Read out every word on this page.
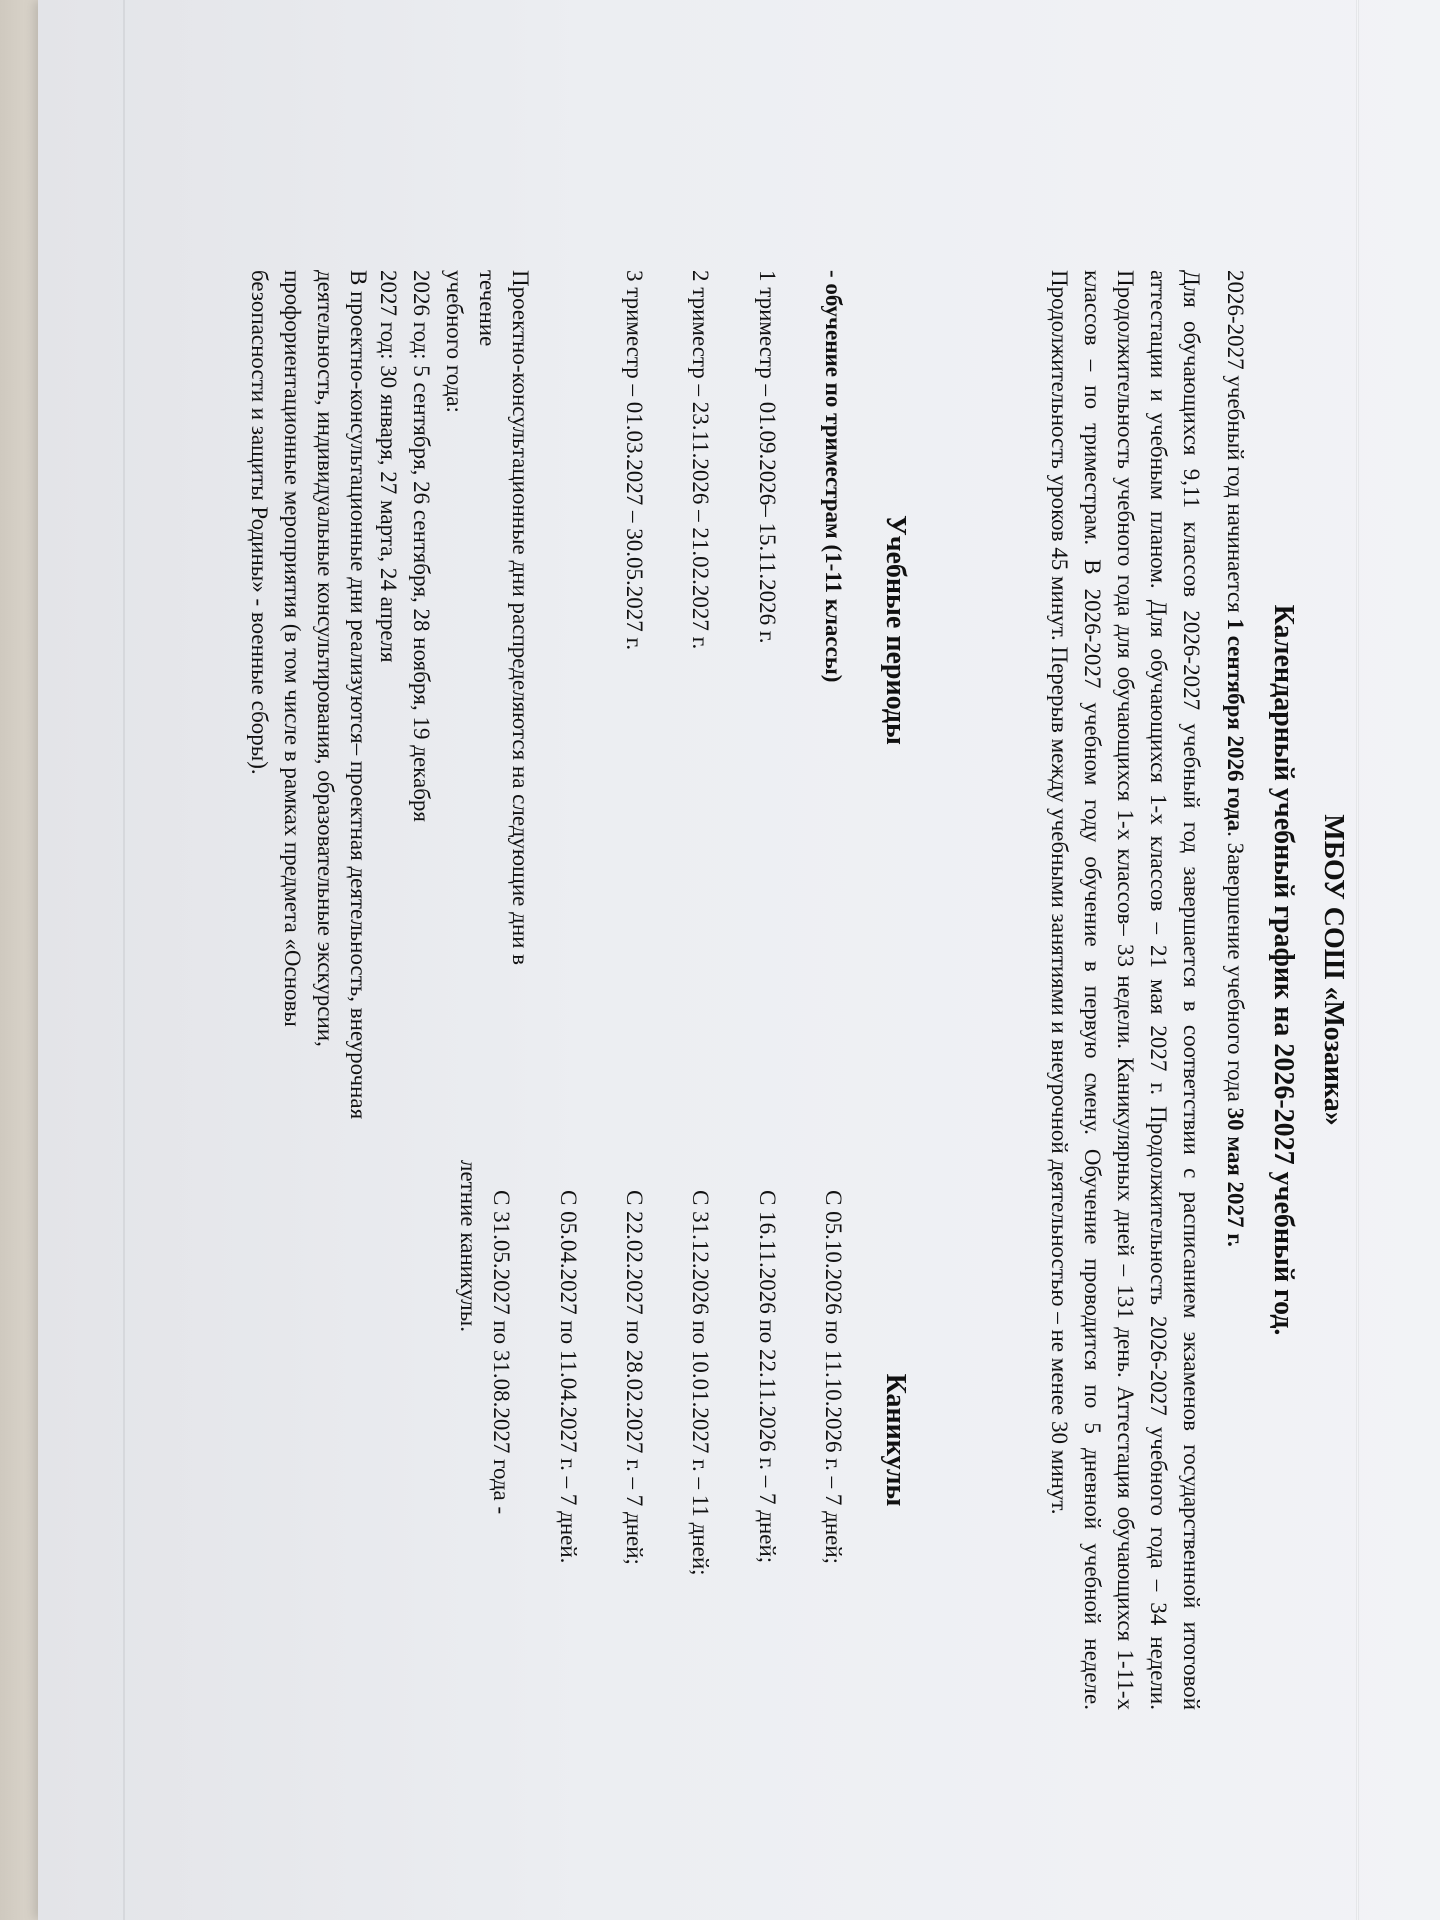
МБОУ СОШ «Мозаика»
Календарный учебный график на 2026-2027 учебный год.

2026-2027 учебный год начинается 1 сентября 2026 года. Завершение учебного года 30 мая 2027 г.

Для обучающихся 9,11 классов 2026-2027 учебный год завершается в соответствии с расписанием экзаменов государственной итоговой аттестации и учебным планом. Для обучающихся 1-х классов – 21 мая 2027 г. Продолжительность 2026-2027 учебного года – 34 недели. Продолжительность учебного года для обучающихся 1-х классов– 33 недели. Каникулярных дней – 131 день. Аттестация обучающихся 1-11-х классов – по триместрам. В 2026-2027 учебном году обучение в первую смену. Обучение проводится по 5 дневной учебной неделе. Продолжительность уроков 45 минут. Перерыв между учебными занятиями и внеурочной деятельностью – не менее 30 минут.

Учебные периоды
Каникулы
- обучение по триместрам (1-11 классы)
1 триместр – 01.09.2026– 15.11.2026 г.
2 триместр – 23.11.2026 – 21.02.2027 г.
3 триместр – 01.03.2027 – 30.05.2027 г.
С 05.10.2026 по 11.10.2026 г. – 7 дней;
С 16.11.2026 по 22.11.2026 г. – 7 дней;
С 31.12.2026 по 10.01.2027 г. – 11 дней;
С 22.02.2027 по 28.02.2027 г. – 7 дней;
С 05.04.2027 по 11.04.2027 г. – 7 дней.
С 31.05.2027 по 31.08.2027 года -
летние каникулы.

Проектно-консультационные дни распределяются на следующие дни в течение

учебного года:

2026 год: 5 сентября, 26 сентября, 28 ноября, 19 декабря

2027 год: 30 января, 27 марта, 24 апреля

В проектно-консультационные дни реализуются– проектная деятельность, внеурочная деятельность, индивидуальные консультирования, образовательные экскурсии, профориентационные мероприятия (в том числе в рамках предмета «Основы безопасности и защиты Родины» - военные сборы).
